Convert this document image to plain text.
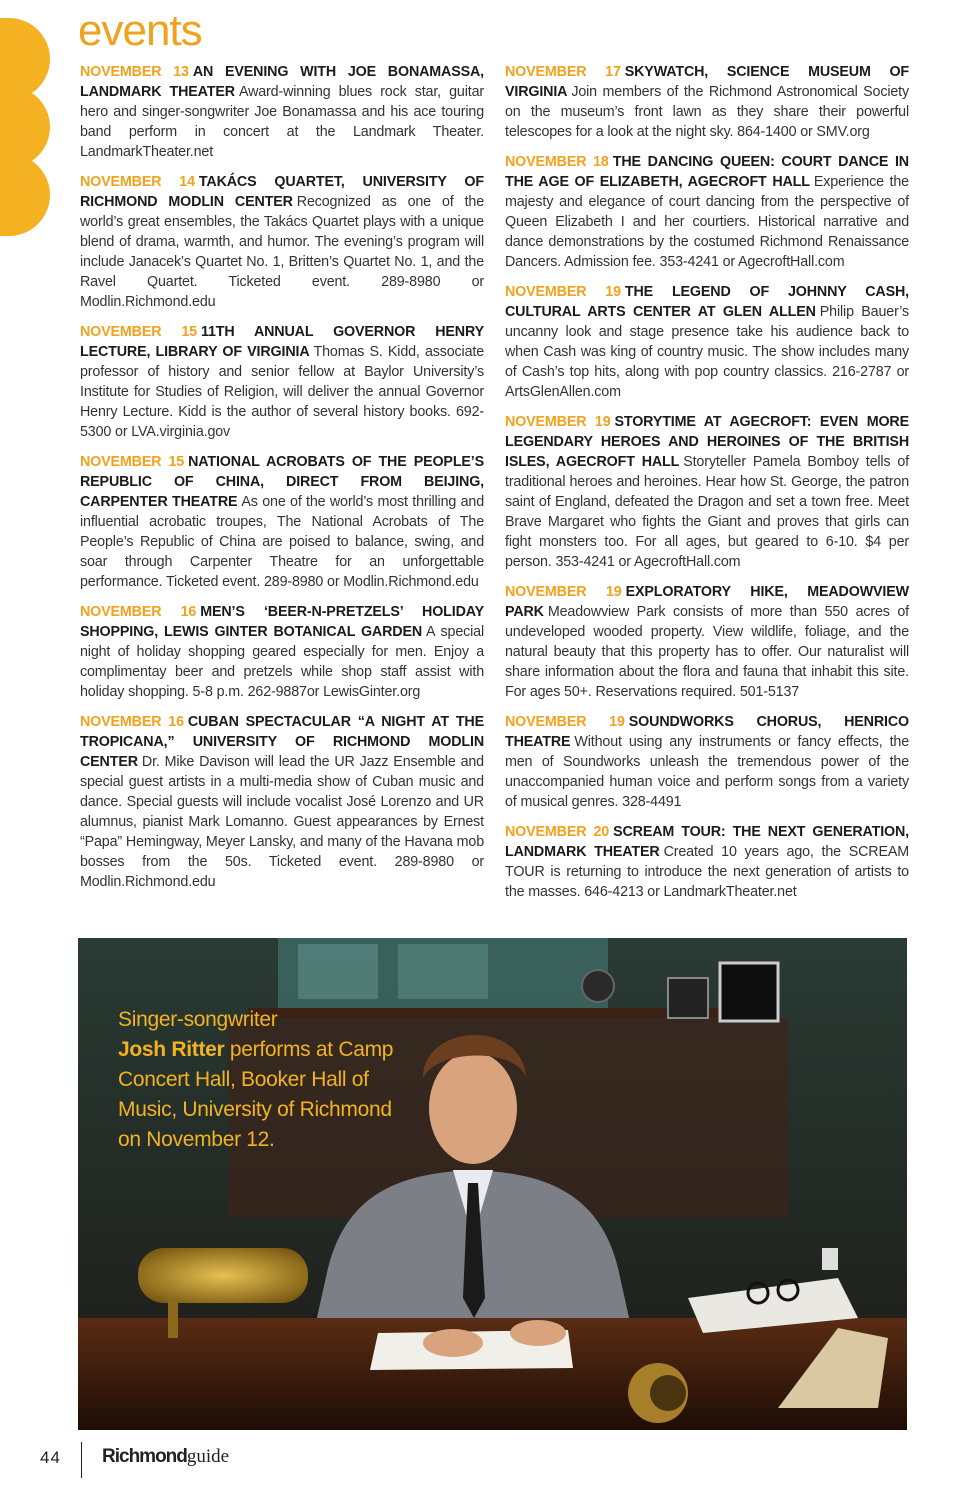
events

NOVEMBER 13 AN EVENING WITH JOE BONAMASSA, LANDMARK THEATER Award-winning blues rock star, guitar hero and singer-songwriter Joe Bonamassa and his ace touring band perform in concert at the Landmark Theater. LandmarkTheater.net

NOVEMBER 14 TAKÁCS QUARTET, UNIVERSITY OF RICHMOND MODLIN CENTER Recognized as one of the world’s great ensembles, the Takács Quartet plays with a unique blend of drama, warmth, and humor. The evening’s program will include Janacek’s Quartet No. 1, Britten’s Quartet No. 1, and the Ravel Quartet. Ticketed event. 289-8980 or Modlin.Richmond.edu

NOVEMBER 15 11TH ANNUAL GOVERNOR HENRY LECTURE, LIBRARY OF VIRGINIA Thomas S. Kidd, associate professor of history and senior fellow at Baylor University’s Institute for Studies of Religion, will deliver the annual Governor Henry Lecture. Kidd is the author of several history books. 692-5300 or LVA.virginia.gov

NOVEMBER 15 NATIONAL ACROBATS OF THE PEOPLE’S REPUBLIC OF CHINA, DIRECT FROM BEIJING, CARPENTER THEATRE As one of the world’s most thrilling and influential acrobatic troupes, The National Acrobats of The People’s Republic of China are poised to balance, swing, and soar through Carpenter Theatre for an unforgettable performance. Ticketed event. 289-8980 or Modlin.Richmond.edu

NOVEMBER 16 MEN’S ‘BEER-N-PRETZELS’ HOLIDAY SHOPPING, LEWIS GINTER BOTANICAL GARDEN A special night of holiday shopping geared especially for men. Enjoy a complimentay beer and pretzels while shop staff assist with holiday shopping. 5-8 p.m. 262-9887or LewisGinter.org

NOVEMBER 16 CUBAN SPECTACULAR “A NIGHT AT THE TROPICANA,” UNIVERSITY OF RICHMOND MODLIN CENTER Dr. Mike Davison will lead the UR Jazz Ensemble and special guest artists in a multi-media show of Cuban music and dance. Special guests will include vocalist José Lorenzo and UR alumnus, pianist Mark Lomanno. Guest appearances by Ernest “Papa” Hemingway, Meyer Lansky, and many of the Havana mob bosses from the 50s. Ticketed event. 289-8980 or Modlin.Richmond.edu

NOVEMBER 17 SKYWATCH, SCIENCE MUSEUM OF VIRGINIA Join members of the Richmond Astronomical Society on the museum’s front lawn as they share their powerful telescopes for a look at the night sky. 864-1400 or SMV.org

NOVEMBER 18 THE DANCING QUEEN: COURT DANCE IN THE AGE OF ELIZABETH, AGECROFT HALL Experience the majesty and elegance of court dancing from the perspective of Queen Elizabeth I and her courtiers. Historical narrative and dance demonstrations by the costumed Richmond Renaissance Dancers. Admission fee. 353-4241 or AgecroftHall.com

NOVEMBER 19 THE LEGEND OF JOHNNY CASH, CULTURAL ARTS CENTER AT GLEN ALLEN Philip Bauer’s uncanny look and stage presence take his audience back to when Cash was king of country music. The show includes many of Cash’s top hits, along with pop country classics. 216-2787 or ArtsGlenAllen.com

NOVEMBER 19 STORYTIME AT AGECROFT: EVEN MORE LEGENDARY HEROES AND HEROINES OF THE BRITISH ISLES, AGECROFT HALL Storyteller Pamela Bomboy tells of traditional heroes and heroines. Hear how St. George, the patron saint of England, defeated the Dragon and set a town free. Meet Brave Margaret who fights the Giant and proves that girls can fight monsters too. For all ages, but geared to 6-10. $4 per person. 353-4241 or AgecroftHall.com

NOVEMBER 19 EXPLORATORY HIKE, MEADOWVIEW PARK Meadowview Park consists of more than 550 acres of undeveloped wooded property. View wildlife, foliage, and the natural beauty that this property has to offer. Our naturalist will share information about the flora and fauna that inhabit this site. For ages 50+. Reservations required. 501-5137

NOVEMBER 19 SOUNDWORKS CHORUS, HENRICO THEATRE Without using any instruments or fancy effects, the men of Soundworks unleash the tremendous power of the unaccompanied human voice and perform songs from a variety of musical genres. 328-4491

NOVEMBER 20 SCREAM TOUR: THE NEXT GENERATION, LANDMARK THEATER Created 10 years ago, the SCREAM TOUR is returning to introduce the next generation of artists to the masses. 646-4213 or LandmarkTheater.net

Singer-songwriter
Josh Ritter performs at Camp Concert Hall, Booker Hall of Music, University of Richmond on November 12.
44 Richmondguide
